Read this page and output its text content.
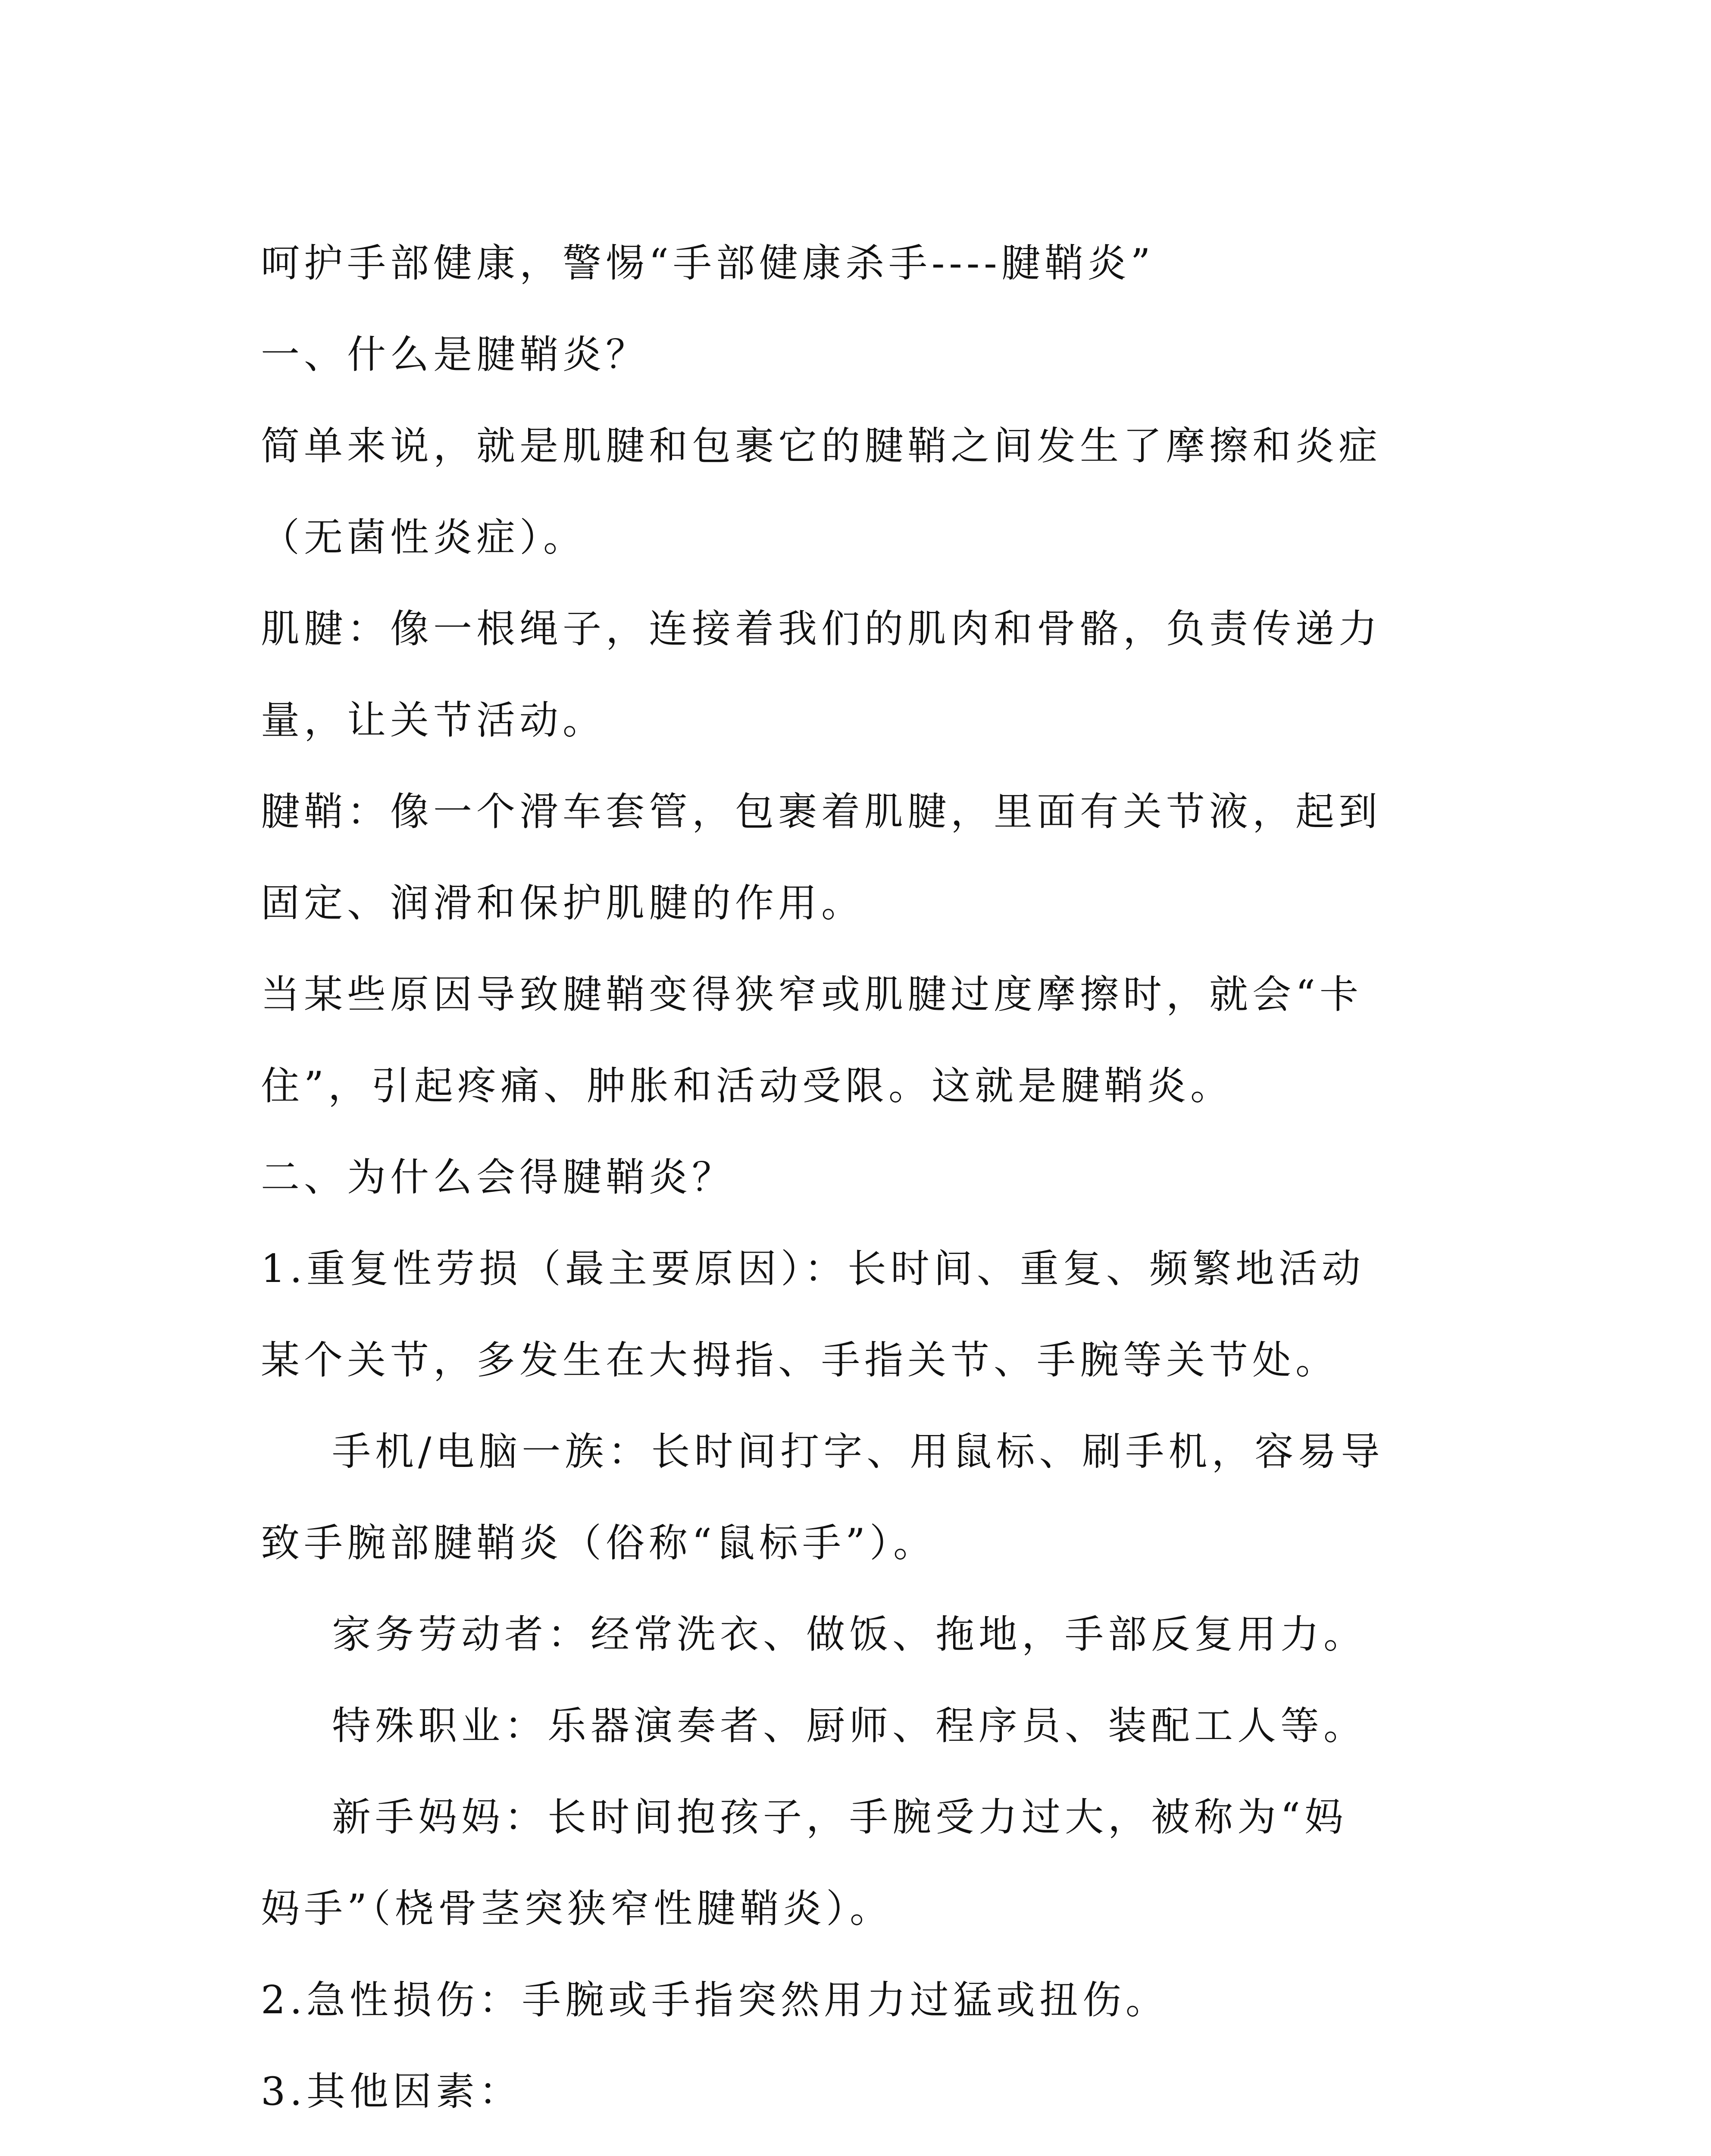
呵护手部健康，警惕“手部健康杀手----腱鞘炎”

一、什么是腱鞘炎？

简单来说，就是肌腱和包裹它的腱鞘之间发生了摩擦和炎症

（无菌性炎症）。

肌腱：像一根绳子，连接着我们的肌肉和骨骼，负责传递力

量，让关节活动。

腱鞘：像一个滑车套管，包裹着肌腱，里面有关节液，起到

固定、润滑和保护肌腱的作用。

当某些原因导致腱鞘变得狭窄或肌腱过度摩擦时，就会“卡

住”，引起疼痛、肿胀和活动受限。这就是腱鞘炎。

二、为什么会得腱鞘炎？

1.重复性劳损（最主要原因）：长时间、重复、频繁地活动

某个关节，多发生在大拇指、手指关节、手腕等关节处。

手机/电脑一族：长时间打字、用鼠标、刷手机，容易导

致手腕部腱鞘炎（俗称“鼠标手”）。

家务劳动者：经常洗衣、做饭、拖地，手部反复用力。

特殊职业：乐器演奏者、厨师、程序员、装配工人等。

新手妈妈：长时间抱孩子，手腕受力过大，被称为“妈

妈手”（桡骨茎突狭窄性腱鞘炎）。

2.急性损伤：手腕或手指突然用力过猛或扭伤。

3.其他因素：
